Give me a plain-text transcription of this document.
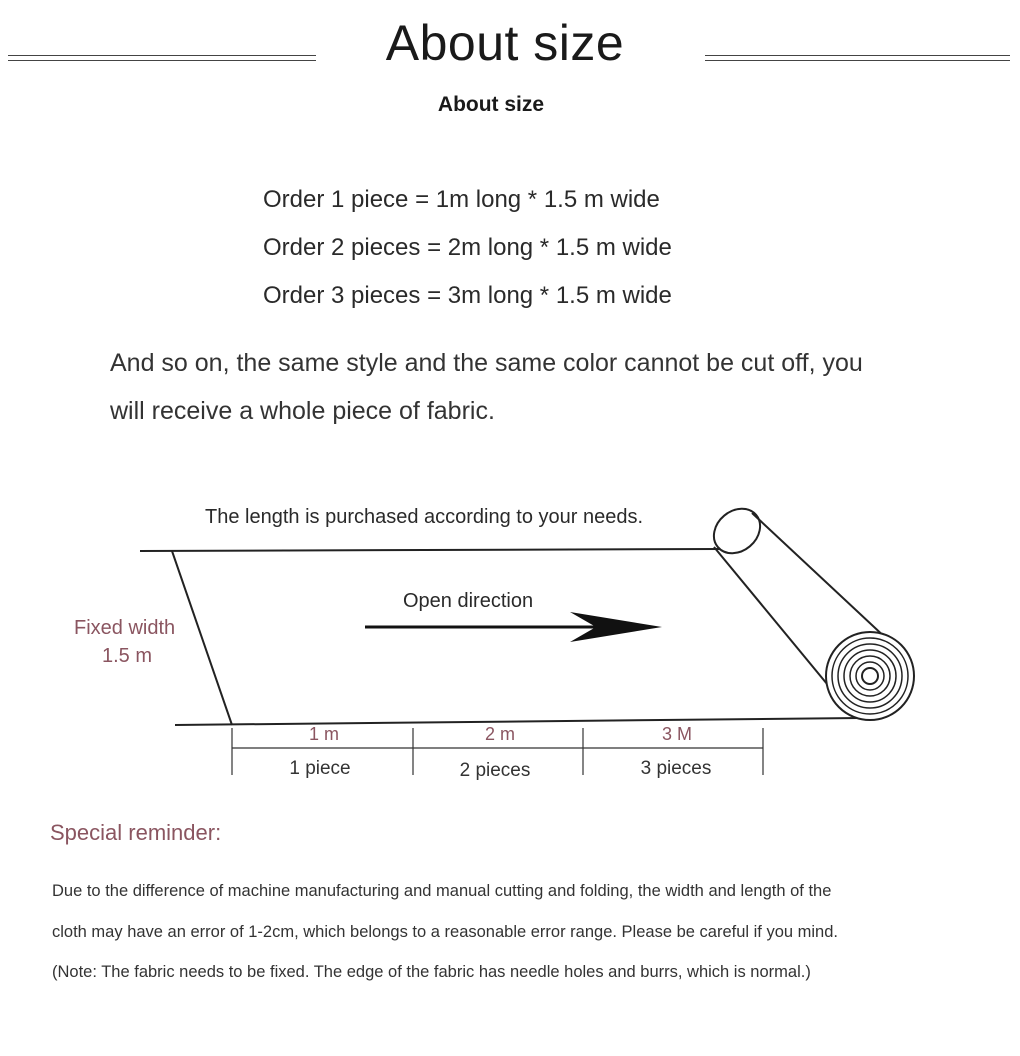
About size
About size
Order 1 piece = 1m long * 1.5 m wide
Order 2 pieces = 2m long * 1.5 m wide
Order 3 pieces = 3m long * 1.5 m wide
And so on, the same style and the same color cannot be cut off, you
will receive a whole piece of fabric.
The length is purchased according to your needs.
Open direction
Fixed width
1.5 m
1 m
1 piece
2 m
2 pieces
3 M
3 pieces
Special reminder:
Due to the difference of machine manufacturing and manual cutting and folding, the width and length of the
cloth may have an error of 1-2cm, which belongs to a reasonable error range. Please be careful if you mind.
(Note: The fabric needs to be fixed. The edge of the fabric has needle holes and burrs, which is normal.)
